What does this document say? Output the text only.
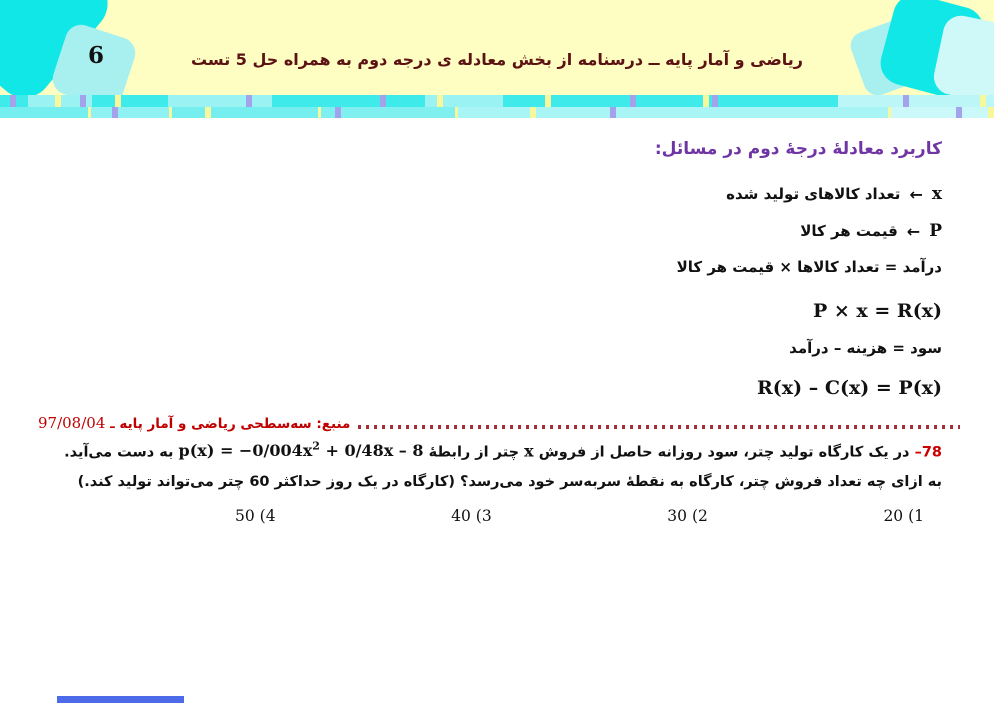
6	ریاضی و آمار پایه ــ درسنامه از بخش معادله ی درجه دوم به همراه حل 5 تست
کاربرد معادلهٔ درجهٔ دوم در مسائل:
x
←
تعداد کالاهای تولید شده
P
←
قیمت هر کالا
درآمد = تعداد کالاها × قیمت هر کالا
P × x = R(x)
سود = هزینه – درآمد
R(x) – C(x) = P(x)
منبع: سه‌سطحی ریاضی و آمار پایه ـ 97/08/04

78– در یک کارگاه تولید چتر، سود روزانه حاصل از فروش x چتر از رابطهٔ $p(x) = -0/004x^2 + 0/48x - 8$ به دست می‌آید.

به ازای چه تعداد فروش چتر، کارگاه به نقطهٔ سربه‌سر خود می‌رسد؟ (کارگاه در یک روز حداکثر 60 چتر می‌تواند تولید کند.)

20 (1
30 (2
40 (3
50 (4
